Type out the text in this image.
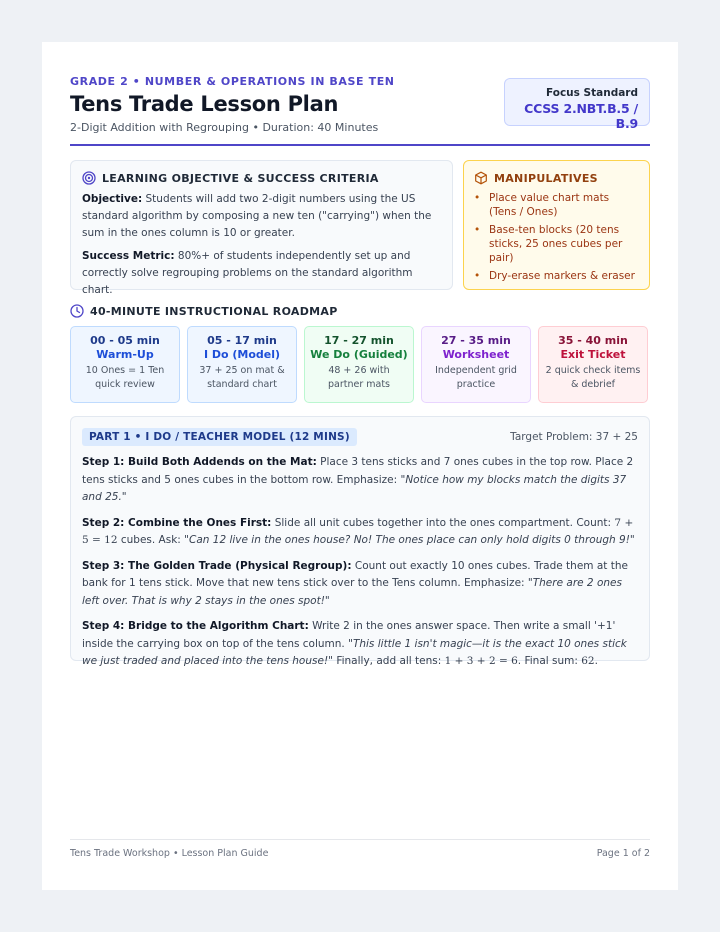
GRADE 2 • NUMBER & OPERATIONS IN BASE TEN
Tens Trade Lesson Plan
2-Digit Addition with Regrouping • Duration: 40 Minutes
Focus Standard
CCSS 2.NBT.B.5 / B.9
LEARNING OBJECTIVE & SUCCESS CRITERIA
Objective: Students will add two 2-digit numbers using the US standard algorithm by composing a new ten ("carrying") when the sum in the ones column is 10 or greater.
Success Metric: 80%+ of students independently set up and correctly solve regrouping problems on the standard algorithm chart.
MANIPULATIVES
• Place value chart mats (Tens / Ones)
• Base-ten blocks (20 tens sticks, 25 ones cubes per pair)
• Dry-erase markers & eraser
40-MINUTE INSTRUCTIONAL ROADMAP
00 - 05 min
Warm-Up
10 Ones = 1 Ten quick review
05 - 17 min
I Do (Model)
37 + 25 on mat & standard chart
17 - 27 min
We Do (Guided)
48 + 26 with partner mats
27 - 35 min
Worksheet
Independent grid practice
35 - 40 min
Exit Ticket
2 quick check items & debrief
PART 1 • I DO / TEACHER MODEL (12 MINS)	Target Problem: 37 + 25
Step 1: Build Both Addends on the Mat: Place 3 tens sticks and 7 ones cubes in the top row. Place 2 tens sticks and 5 ones cubes in the bottom row. Emphasize: "Notice how my blocks match the digits 37 and 25."
Step 2: Combine the Ones First: Slide all unit cubes together into the ones compartment. Count: 7 + 5 = 12 cubes. Ask: "Can 12 live in the ones house? No! The ones place can only hold digits 0 through 9!"
Step 3: The Golden Trade (Physical Regroup): Count out exactly 10 ones cubes. Trade them at the bank for 1 tens stick. Move that new tens stick over to the Tens column. Emphasize: "There are 2 ones left over. That is why 2 stays in the ones spot!"
Step 4: Bridge to the Algorithm Chart: Write 2 in the ones answer space. Then write a small '+1' inside the carrying box on top of the tens column. "This little 1 isn't magic—it is the exact 10 ones stick we just traded and placed into the tens house!" Finally, add all tens: 1 + 3 + 2 = 6. Final sum: 62.
Tens Trade Workshop • Lesson Plan Guide	Page 1 of 2
